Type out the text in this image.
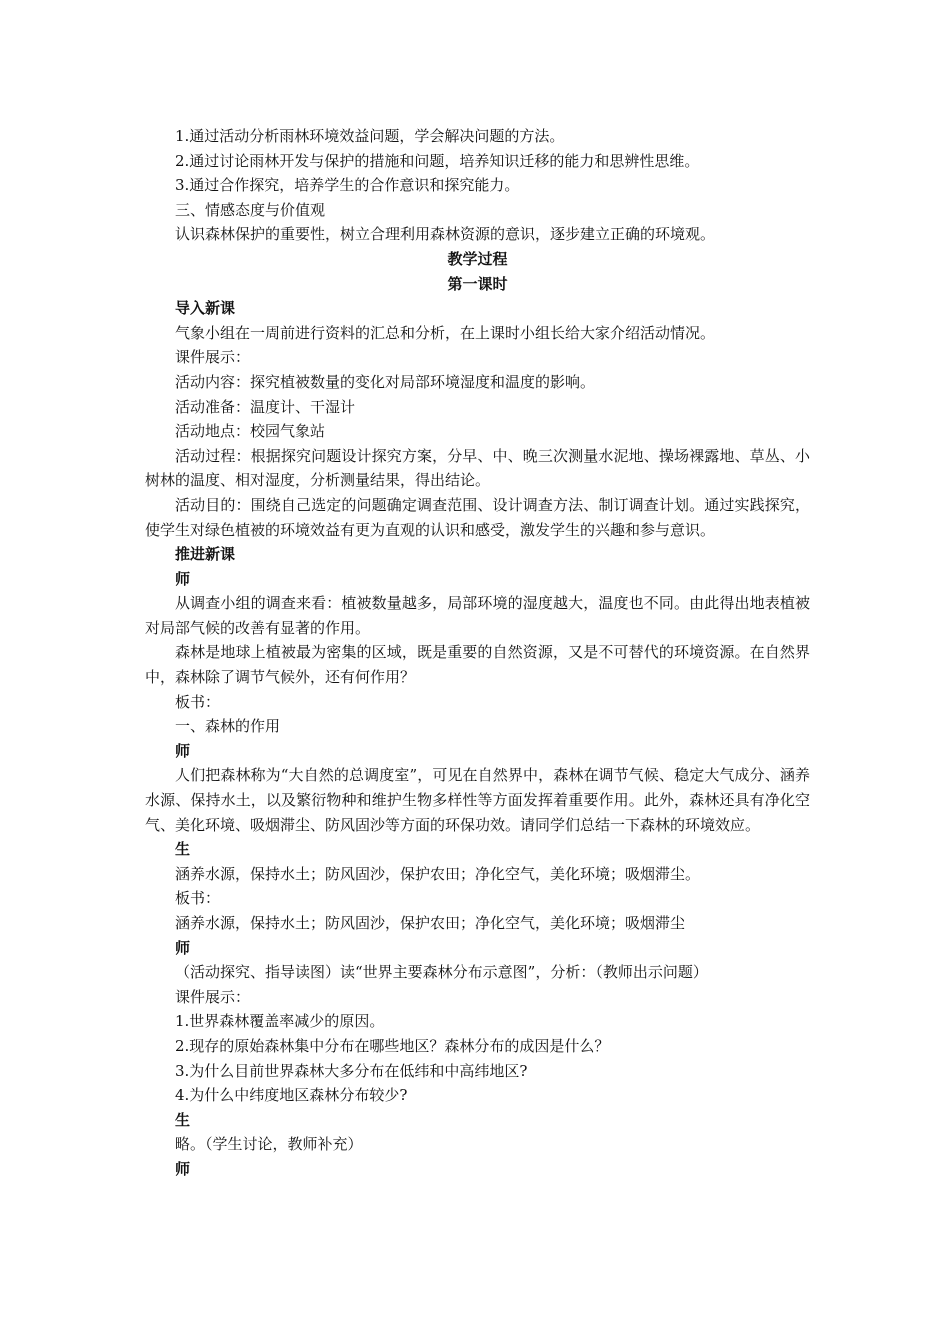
1.通过活动分析雨林环境效益问题，学会解决问题的方法。

2.通过讨论雨林开发与保护的措施和问题，培养知识迁移的能力和思辨性思维。

3.通过合作探究，培养学生的合作意识和探究能力。

三、情感态度与价值观

认识森林保护的重要性，树立合理利用森林资源的意识，逐步建立正确的环境观。

教学过程

第一课时

导入新课

气象小组在一周前进行资料的汇总和分析，在上课时小组长给大家介绍活动情况。

课件展示：

活动内容：探究植被数量的变化对局部环境湿度和温度的影响。

活动准备：温度计、干湿计

活动地点：校园气象站

活动过程：根据探究问题设计探究方案，分早、中、晚三次测量水泥地、操场裸露地、草丛、小树林的温度、相对湿度，分析测量结果，得出结论。

活动目的：围绕自己选定的问题确定调查范围、设计调查方法、制订调查计划。通过实践探究，使学生对绿色植被的环境效益有更为直观的认识和感受，激发学生的兴趣和参与意识。

推进新课

师

从调查小组的调查来看：植被数量越多，局部环境的湿度越大，温度也不同。由此得出地表植被对局部气候的改善有显著的作用。

森林是地球上植被最为密集的区域，既是重要的自然资源，又是不可替代的环境资源。在自然界中，森林除了调节气候外，还有何作用？

板书：

一、森林的作用

师

人们把森林称为“大自然的总调度室”，可见在自然界中，森林在调节气候、稳定大气成分、涵养水源、保持水土，以及繁衍物种和维护生物多样性等方面发挥着重要作用。此外，森林还具有净化空气、美化环境、吸烟滞尘、防风固沙等方面的环保功效。请同学们总结一下森林的环境效应。

生

涵养水源，保持水土；防风固沙，保护农田；净化空气，美化环境；吸烟滞尘。

板书：

涵养水源，保持水土；防风固沙，保护农田；净化空气，美化环境；吸烟滞尘

师

（活动探究、指导读图）读“世界主要森林分布示意图”，分析：（教师出示问题）

课件展示：

1.世界森林覆盖率减少的原因。

2.现存的原始森林集中分布在哪些地区？森林分布的成因是什么？

3.为什么目前世界森林大多分布在低纬和中高纬地区?

4.为什么中纬度地区森林分布较少?

生

略。（学生讨论，教师补充）

师
